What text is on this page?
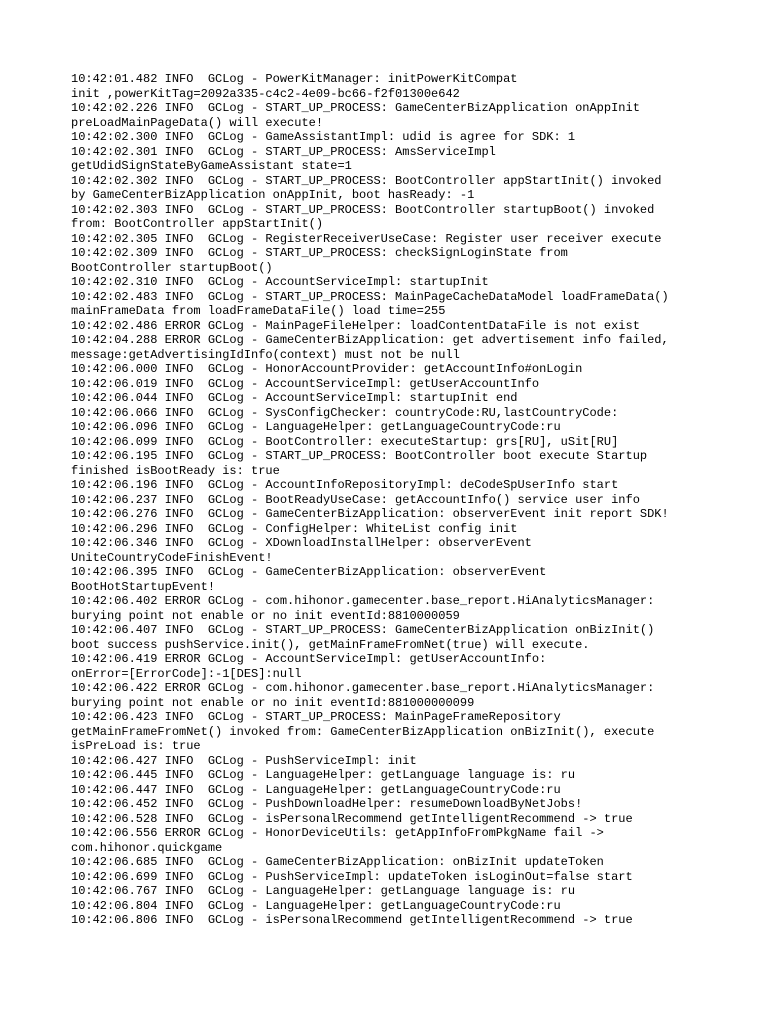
10:42:01.482 INFO  GCLog - PowerKitManager: initPowerKitCompat
init ,powerKitTag=2092a335-c4c2-4e09-bc66-f2f01300e642
10:42:02.226 INFO  GCLog - START_UP_PROCESS: GameCenterBizApplication onAppInit
preLoadMainPageData() will execute!
10:42:02.300 INFO  GCLog - GameAssistantImpl: udid is agree for SDK: 1
10:42:02.301 INFO  GCLog - START_UP_PROCESS: AmsServiceImpl
getUdidSignStateByGameAssistant state=1
10:42:02.302 INFO  GCLog - START_UP_PROCESS: BootController appStartInit() invoked
by GameCenterBizApplication onAppInit, boot hasReady: -1
10:42:02.303 INFO  GCLog - START_UP_PROCESS: BootController startupBoot() invoked
from: BootController appStartInit()
10:42:02.305 INFO  GCLog - RegisterReceiverUseCase: Register user receiver execute
10:42:02.309 INFO  GCLog - START_UP_PROCESS: checkSignLoginState from
BootController startupBoot()
10:42:02.310 INFO  GCLog - AccountServiceImpl: startupInit
10:42:02.483 INFO  GCLog - START_UP_PROCESS: MainPageCacheDataModel loadFrameData()
mainFrameData from loadFrameDataFile() load time=255
10:42:02.486 ERROR GCLog - MainPageFileHelper: loadContentDataFile is not exist
10:42:04.288 ERROR GCLog - GameCenterBizApplication: get advertisement info failed,
message:getAdvertisingIdInfo(context) must not be null
10:42:06.000 INFO  GCLog - HonorAccountProvider: getAccountInfo#onLogin
10:42:06.019 INFO  GCLog - AccountServiceImpl: getUserAccountInfo
10:42:06.044 INFO  GCLog - AccountServiceImpl: startupInit end
10:42:06.066 INFO  GCLog - SysConfigChecker: countryCode:RU,lastCountryCode:
10:42:06.096 INFO  GCLog - LanguageHelper: getLanguageCountryCode:ru
10:42:06.099 INFO  GCLog - BootController: executeStartup: grs[RU], uSit[RU]
10:42:06.195 INFO  GCLog - START_UP_PROCESS: BootController boot execute Startup
finished isBootReady is: true
10:42:06.196 INFO  GCLog - AccountInfoRepositoryImpl: deCodeSpUserInfo start
10:42:06.237 INFO  GCLog - BootReadyUseCase: getAccountInfo() service user info
10:42:06.276 INFO  GCLog - GameCenterBizApplication: observerEvent init report SDK!
10:42:06.296 INFO  GCLog - ConfigHelper: WhiteList config init
10:42:06.346 INFO  GCLog - XDownloadInstallHelper: observerEvent
UniteCountryCodeFinishEvent!
10:42:06.395 INFO  GCLog - GameCenterBizApplication: observerEvent
BootHotStartupEvent!
10:42:06.402 ERROR GCLog - com.hihonor.gamecenter.base_report.HiAnalyticsManager:
burying point not enable or no init eventId:8810000059
10:42:06.407 INFO  GCLog - START_UP_PROCESS: GameCenterBizApplication onBizInit()
boot success pushService.init(), getMainFrameFromNet(true) will execute.
10:42:06.419 ERROR GCLog - AccountServiceImpl: getUserAccountInfo:
onError=[ErrorCode]:-1[DES]:null
10:42:06.422 ERROR GCLog - com.hihonor.gamecenter.base_report.HiAnalyticsManager:
burying point not enable or no init eventId:881000000099
10:42:06.423 INFO  GCLog - START_UP_PROCESS: MainPageFrameRepository
getMainFrameFromNet() invoked from: GameCenterBizApplication onBizInit(), execute
isPreLoad is: true
10:42:06.427 INFO  GCLog - PushServiceImpl: init
10:42:06.445 INFO  GCLog - LanguageHelper: getLanguage language is: ru
10:42:06.447 INFO  GCLog - LanguageHelper: getLanguageCountryCode:ru
10:42:06.452 INFO  GCLog - PushDownloadHelper: resumeDownloadByNetJobs!
10:42:06.528 INFO  GCLog - isPersonalRecommend getIntelligentRecommend -> true
10:42:06.556 ERROR GCLog - HonorDeviceUtils: getAppInfoFromPkgName fail ->
com.hihonor.quickgame
10:42:06.685 INFO  GCLog - GameCenterBizApplication: onBizInit updateToken
10:42:06.699 INFO  GCLog - PushServiceImpl: updateToken isLoginOut=false start
10:42:06.767 INFO  GCLog - LanguageHelper: getLanguage language is: ru
10:42:06.804 INFO  GCLog - LanguageHelper: getLanguageCountryCode:ru
10:42:06.806 INFO  GCLog - isPersonalRecommend getIntelligentRecommend -> true
